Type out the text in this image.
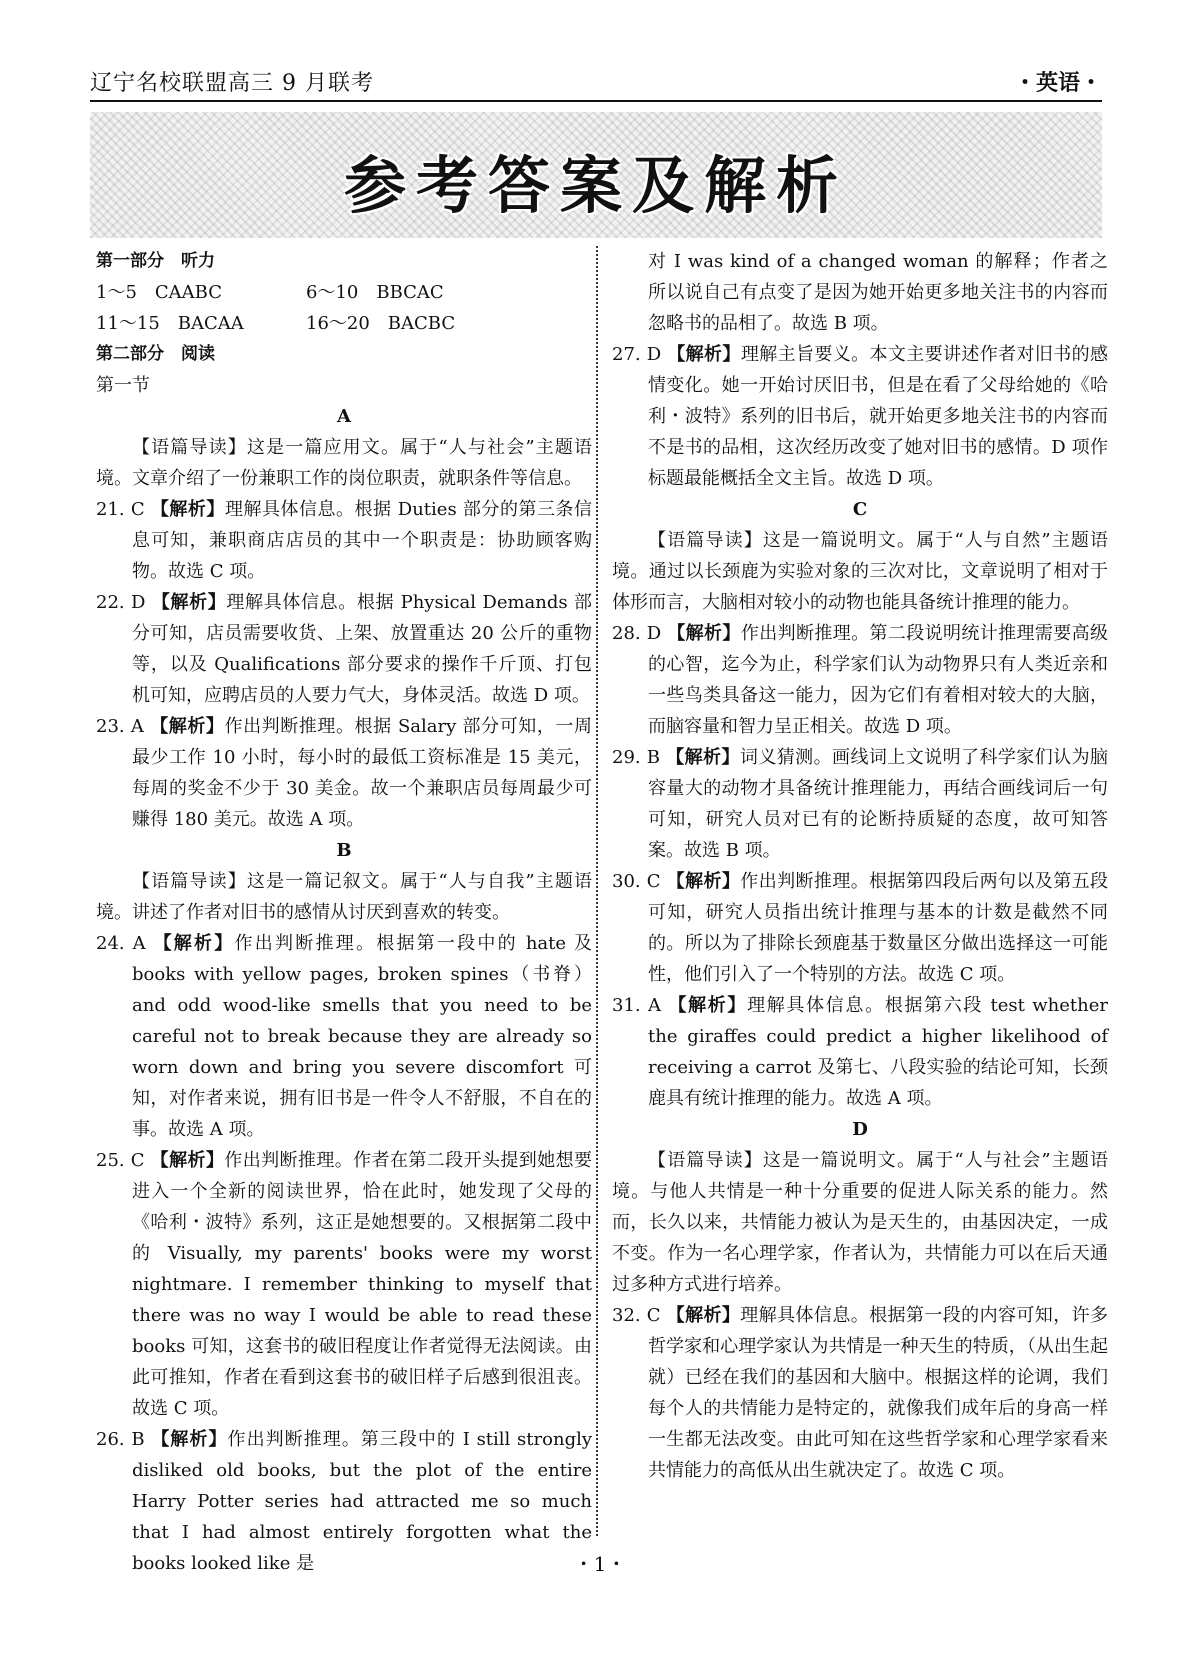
辽宁名校联盟高三 9 月联考	・英语・
参考答案及解析
第一部分　听力
1～5　CAABC	6～10　BBCAC
11～15　BACAA	16～20　BACBC
第二部分　阅读
第一节
A
【语篇导读】这是一篇应用文。属于“人与社会”主题语境。文章介绍了一份兼职工作的岗位职责，就职条件等信息。
21. C 【解析】理解具体信息。根据 Duties 部分的第三条信息可知，兼职商店店员的其中一个职责是：协助顾客购物。故选 C 项。
22. D 【解析】理解具体信息。根据 Physical Demands 部分可知，店员需要收货、上架、放置重达 20 公斤的重物等，以及 Qualifications 部分要求的操作千斤顶、打包机可知，应聘店员的人要力气大，身体灵活。故选 D 项。
23. A 【解析】作出判断推理。根据 Salary 部分可知，一周最少工作 10 小时，每小时的最低工资标准是 15 美元，每周的奖金不少于 30 美金。故一个兼职店员每周最少可赚得 180 美元。故选 A 项。
B
【语篇导读】这是一篇记叙文。属于“人与自我”主题语境。讲述了作者对旧书的感情从讨厌到喜欢的转变。
24. A 【解析】作出判断推理。根据第一段中的 hate 及 books with yellow pages, broken spines（书脊）and odd wood-like smells that you need to be careful not to break because they are already so worn down and bring you severe discomfort 可知，对作者来说，拥有旧书是一件令人不舒服，不自在的事。故选 A 项。
25. C 【解析】作出判断推理。作者在第二段开头提到她想要进入一个全新的阅读世界，恰在此时，她发现了父母的《哈利・波特》系列，这正是她想要的。又根据第二段中的 Visually, my parents' books were my worst nightmare. I remember thinking to myself that there was no way I would be able to read these books 可知，这套书的破旧程度让作者觉得无法阅读。由此可推知，作者在看到这套书的破旧样子后感到很沮丧。故选 C 项。
26. B 【解析】作出判断推理。第三段中的 I still strongly disliked old books, but the plot of the entire Harry Potter series had attracted me so much that I had almost entirely forgotten what the books looked like 是
对 I was kind of a changed woman 的解释；作者之所以说自己有点变了是因为她开始更多地关注书的内容而忽略书的品相了。故选 B 项。
27. D 【解析】理解主旨要义。本文主要讲述作者对旧书的感情变化。她一开始讨厌旧书，但是在看了父母给她的《哈利・波特》系列的旧书后，就开始更多地关注书的内容而不是书的品相，这次经历改变了她对旧书的感情。D 项作标题最能概括全文主旨。故选 D 项。
C
【语篇导读】这是一篇说明文。属于“人与自然”主题语境。通过以长颈鹿为实验对象的三次对比，文章说明了相对于体形而言，大脑相对较小的动物也能具备统计推理的能力。
28. D 【解析】作出判断推理。第二段说明统计推理需要高级的心智，迄今为止，科学家们认为动物界只有人类近亲和一些鸟类具备这一能力，因为它们有着相对较大的大脑，而脑容量和智力呈正相关。故选 D 项。
29. B 【解析】词义猜测。画线词上文说明了科学家们认为脑容量大的动物才具备统计推理能力，再结合画线词后一句可知，研究人员对已有的论断持质疑的态度，故可知答案。故选 B 项。
30. C 【解析】作出判断推理。根据第四段后两句以及第五段可知，研究人员指出统计推理与基本的计数是截然不同的。所以为了排除长颈鹿基于数量区分做出选择这一可能性，他们引入了一个特别的方法。故选 C 项。
31. A 【解析】理解具体信息。根据第六段 test whether the giraffes could predict a higher likelihood of receiving a carrot 及第七、八段实验的结论可知，长颈鹿具有统计推理的能力。故选 A 项。
D
【语篇导读】这是一篇说明文。属于“人与社会”主题语境。与他人共情是一种十分重要的促进人际关系的能力。然而，长久以来，共情能力被认为是天生的，由基因决定，一成不变。作为一名心理学家，作者认为，共情能力可以在后天通过多种方式进行培养。
32. C 【解析】理解具体信息。根据第一段的内容可知，许多哲学家和心理学家认为共情是一种天生的特质，（从出生起就）已经在我们的基因和大脑中。根据这样的论调，我们每个人的共情能力是特定的，就像我们成年后的身高一样一生都无法改变。由此可知在这些哲学家和心理学家看来共情能力的高低从出生就决定了。故选 C 项。
・1・
